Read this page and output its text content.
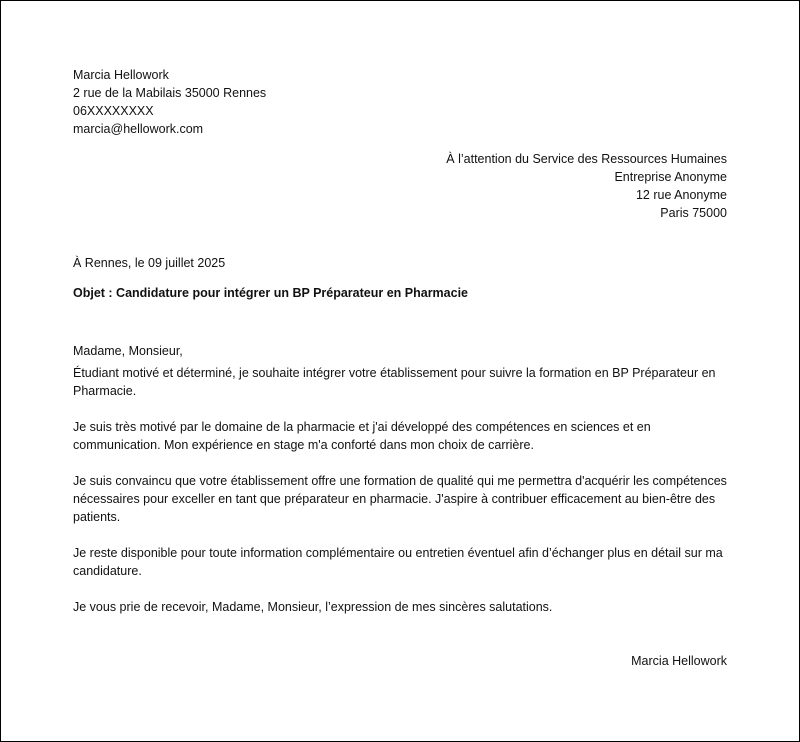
Marcia Hellowork

2 rue de la Mabilais 35000 Rennes

06XXXXXXXX

marcia@hellowork.com

À l’attention du Service des Ressources Humaines

Entreprise Anonyme

12 rue Anonyme

Paris 75000

À Rennes, le 09 juillet 2025

Objet : Candidature pour intégrer un BP Préparateur en Pharmacie

Madame, Monsieur,

Étudiant motivé et déterminé, je souhaite intégrer votre établissement pour suivre la formation en BP Préparateur en Pharmacie.

Je suis très motivé par le domaine de la pharmacie et j'ai développé des compétences en sciences et en communication. Mon expérience en stage m'a conforté dans mon choix de carrière.

Je suis convaincu que votre établissement offre une formation de qualité qui me permettra d'acquérir les compétences nécessaires pour exceller en tant que préparateur en pharmacie. J'aspire à contribuer efficacement au bien-être des patients.

Je reste disponible pour toute information complémentaire ou entretien éventuel afin d’échanger plus en détail sur ma candidature.

Je vous prie de recevoir, Madame, Monsieur, l’expression de mes sincères salutations.

Marcia Hellowork
